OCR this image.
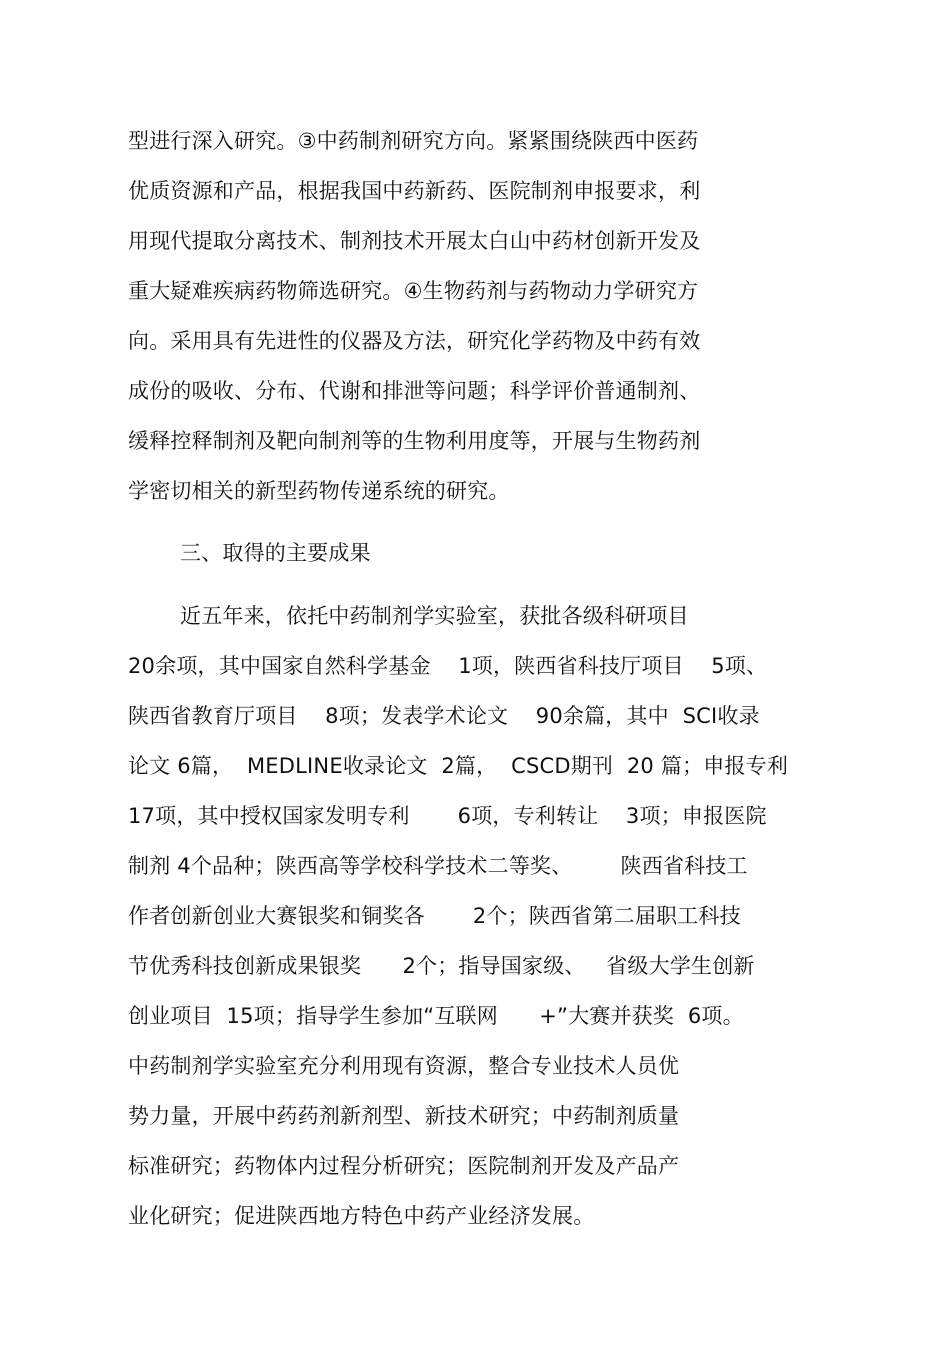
型进行深入研究。③中药制剂研究方向。紧紧围绕陕西中医药
优质资源和产品，根据我国中药新药、医院制剂申报要求，利
用现代提取分离技术、制剂技术开展太白山中药材创新开发及
重大疑难疾病药物筛选研究。④生物药剂与药物动力学研究方
向。采用具有先进性的仪器及方法，研究化学药物及中药有效
成份的吸收、分布、代谢和排泄等问题；科学评价普通制剂、
缓释控释制剂及靶向制剂等的生物利用度等，开展与生物药剂
学密切相关的新型药物传递系统的研究。
三、取得的主要成果
近五年来，依托中药制剂学实验室，获批各级科研项目
20余项，其中国家自然科学基金    1项，陕西省科技厅项目    5项、
陕西省教育厅项目    8项；发表学术论文    90余篇，其中  SCI收录
论文 6篇，  MEDLINE收录论文  2篇，  CSCD期刊  20 篇；申报专利
17项，其中授权国家发明专利       6项，专利转让    3项；申报医院
制剂 4个品种；陕西高等学校科学技术二等奖、       陕西省科技工
作者创新创业大赛银奖和铜奖各       2个；陕西省第二届职工科技
节优秀科技创新成果银奖      2个；指导国家级、   省级大学生创新
创业项目  15项；指导学生参加“互联网      +”大赛并获奖  6项。
中药制剂学实验室充分利用现有资源，整合专业技术人员优
势力量，开展中药药剂新剂型、新技术研究；中药制剂质量
标准研究；药物体内过程分析研究；医院制剂开发及产品产
业化研究；促进陕西地方特色中药产业经济发展。
